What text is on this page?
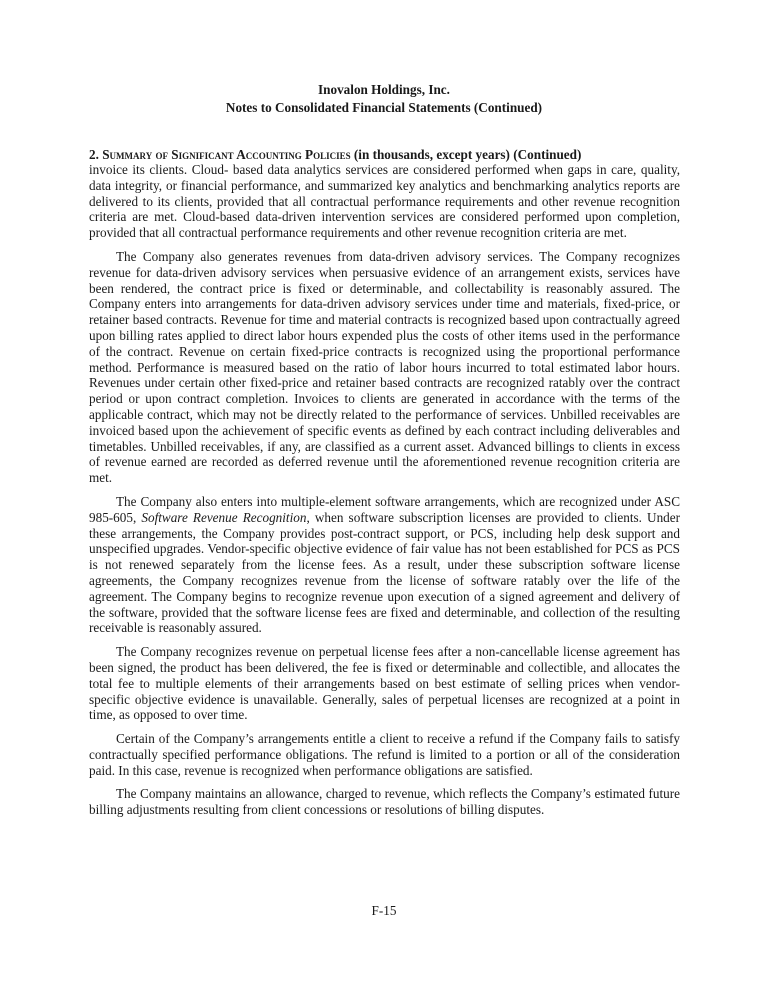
Inovalon Holdings, Inc.
Notes to Consolidated Financial Statements (Continued)
2. Summary of Significant Accounting Policies (in thousands, except years) (Continued)

invoice its clients. Cloud- based data analytics services are considered performed when gaps in care, quality, data integrity, or financial performance, and summarized key analytics and benchmarking analytics reports are delivered to its clients, provided that all contractual performance requirements and other revenue recognition criteria are met. Cloud-based data-driven intervention services are considered performed upon completion, provided that all contractual performance requirements and other revenue recognition criteria are met.

The Company also generates revenues from data-driven advisory services. The Company recognizes revenue for data-driven advisory services when persuasive evidence of an arrangement exists, services have been rendered, the contract price is fixed or determinable, and collectability is reasonably assured. The Company enters into arrangements for data-driven advisory services under time and materials, fixed-price, or retainer based contracts. Revenue for time and material contracts is recognized based upon contractually agreed upon billing rates applied to direct labor hours expended plus the costs of other items used in the performance of the contract. Revenue on certain fixed-price contracts is recognized using the proportional performance method. Performance is measured based on the ratio of labor hours incurred to total estimated labor hours. Revenues under certain other fixed-price and retainer based contracts are recognized ratably over the contract period or upon contract completion. Invoices to clients are generated in accordance with the terms of the applicable contract, which may not be directly related to the performance of services. Unbilled receivables are invoiced based upon the achievement of specific events as defined by each contract including deliverables and timetables. Unbilled receivables, if any, are classified as a current asset. Advanced billings to clients in excess of revenue earned are recorded as deferred revenue until the aforementioned revenue recognition criteria are met.

The Company also enters into multiple-element software arrangements, which are recognized under ASC 985-605, Software Revenue Recognition, when software subscription licenses are provided to clients. Under these arrangements, the Company provides post-contract support, or PCS, including help desk support and unspecified upgrades. Vendor-specific objective evidence of fair value has not been established for PCS as PCS is not renewed separately from the license fees. As a result, under these subscription software license agreements, the Company recognizes revenue from the license of software ratably over the life of the agreement. The Company begins to recognize revenue upon execution of a signed agreement and delivery of the software, provided that the software license fees are fixed and determinable, and collection of the resulting receivable is reasonably assured.

The Company recognizes revenue on perpetual license fees after a non-cancellable license agreement has been signed, the product has been delivered, the fee is fixed or determinable and collectible, and allocates the total fee to multiple elements of their arrangements based on best estimate of selling prices when vendor-specific objective evidence is unavailable. Generally, sales of perpetual licenses are recognized at a point in time, as opposed to over time.

Certain of the Company’s arrangements entitle a client to receive a refund if the Company fails to satisfy contractually specified performance obligations. The refund is limited to a portion or all of the consideration paid. In this case, revenue is recognized when performance obligations are satisfied.

The Company maintains an allowance, charged to revenue, which reflects the Company’s estimated future billing adjustments resulting from client concessions or resolutions of billing disputes.

F-15
